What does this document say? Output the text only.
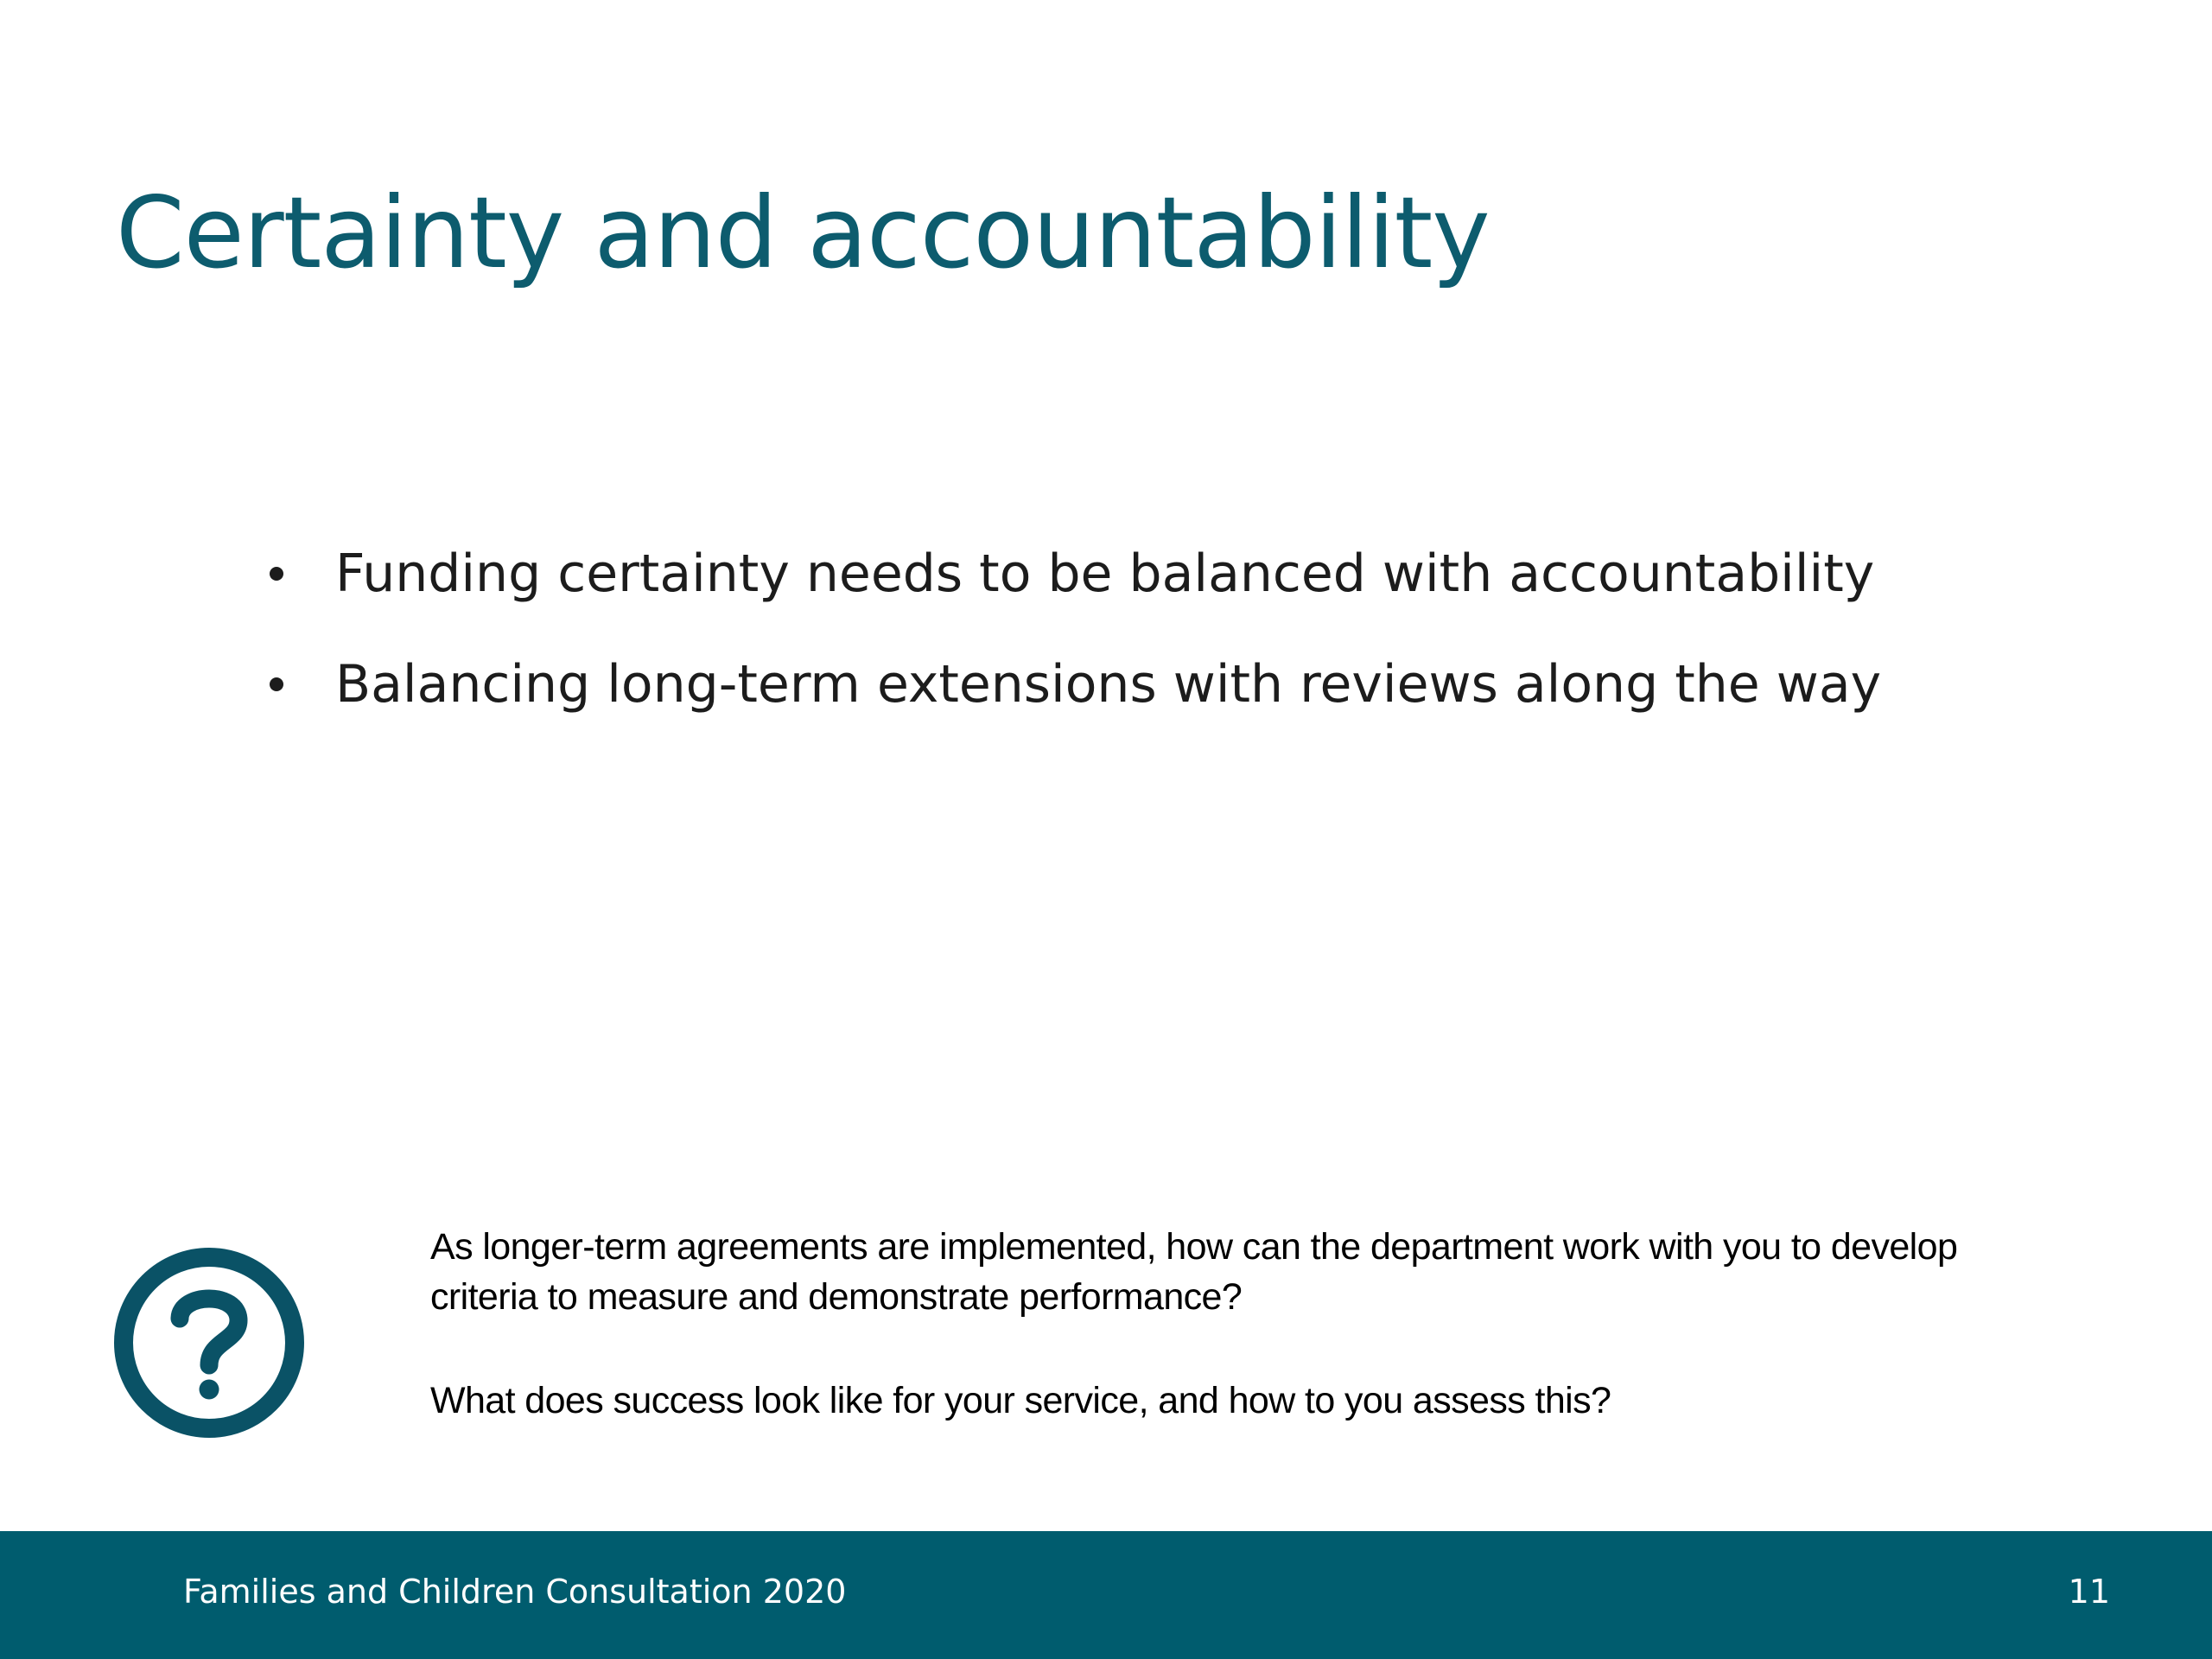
Certainty and accountability
Funding certainty needs to be balanced with accountability
Balancing long-term extensions with reviews along the way

As longer-term agreements are implemented, how can the department work with you to develop criteria to measure and demonstrate performance?

What does success look like for your service, and how to you assess this?

Families and Children Consultation 2020	11
